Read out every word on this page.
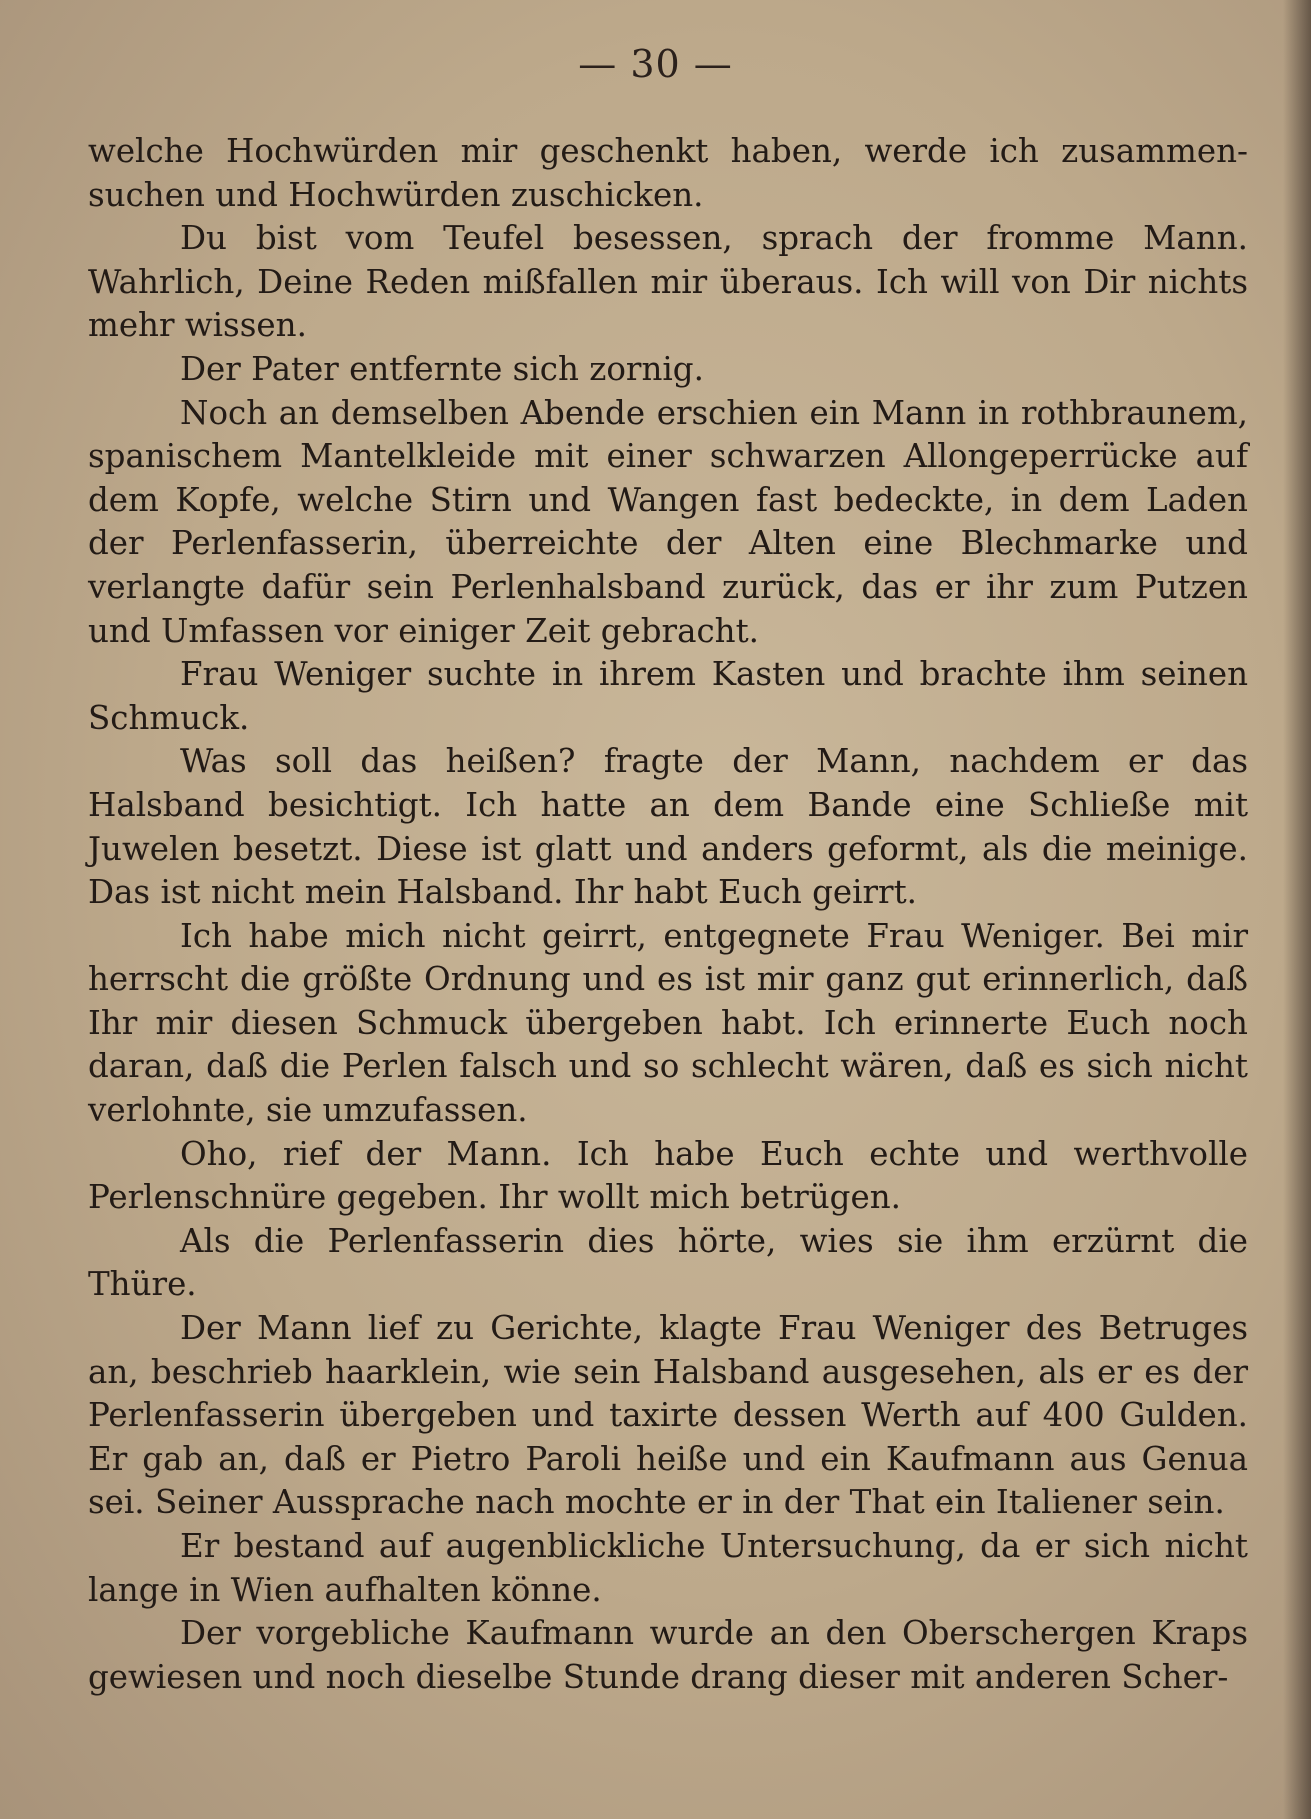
— 30 —

welche Hochwürden mir geschenkt haben, werde ich zusammen-suchen und Hochwürden zuschicken.

Du bist vom Teufel besessen, sprach der fromme Mann. Wahrlich, Deine Reden mißfallen mir überaus. Ich will von Dir nichts mehr wissen.

Der Pater entfernte sich zornig.

Noch an demselben Abende erschien ein Mann in rothbraunem, spanischem Mantelkleide mit einer schwarzen Allongeperrücke auf dem Kopfe, welche Stirn und Wangen fast bedeckte, in dem Laden der Perlenfasserin, überreichte der Alten eine Blechmarke und verlangte dafür sein Perlenhalsband zurück, das er ihr zum Putzen und Umfassen vor einiger Zeit gebracht.

Frau Weniger suchte in ihrem Kasten und brachte ihm seinen Schmuck.

Was soll das heißen? fragte der Mann, nachdem er das Halsband besichtigt. Ich hatte an dem Bande eine Schließe mit Juwelen besetzt. Diese ist glatt und anders geformt, als die meinige. Das ist nicht mein Halsband. Ihr habt Euch geirrt.

Ich habe mich nicht geirrt, entgegnete Frau Weniger. Bei mir herrscht die größte Ordnung und es ist mir ganz gut erinnerlich, daß Ihr mir diesen Schmuck übergeben habt. Ich erinnerte Euch noch daran, daß die Perlen falsch und so schlecht wären, daß es sich nicht verlohnte, sie umzufassen.

Oho, rief der Mann. Ich habe Euch echte und werthvolle Perlenschnüre gegeben. Ihr wollt mich betrügen.

Als die Perlenfasserin dies hörte, wies sie ihm erzürnt die Thüre.

Der Mann lief zu Gerichte, klagte Frau Weniger des Betruges an, beschrieb haarklein, wie sein Halsband ausgesehen, als er es der Perlenfasserin übergeben und taxirte dessen Werth auf 400 Gulden. Er gab an, daß er Pietro Paroli heiße und ein Kaufmann aus Genua sei. Seiner Aussprache nach mochte er in der That ein Italiener sein.

Er bestand auf augenblickliche Untersuchung, da er sich nicht lange in Wien aufhalten könne.

Der vorgebliche Kaufmann wurde an den Oberschergen Kraps gewiesen und noch dieselbe Stunde drang dieser mit anderen Scher-
